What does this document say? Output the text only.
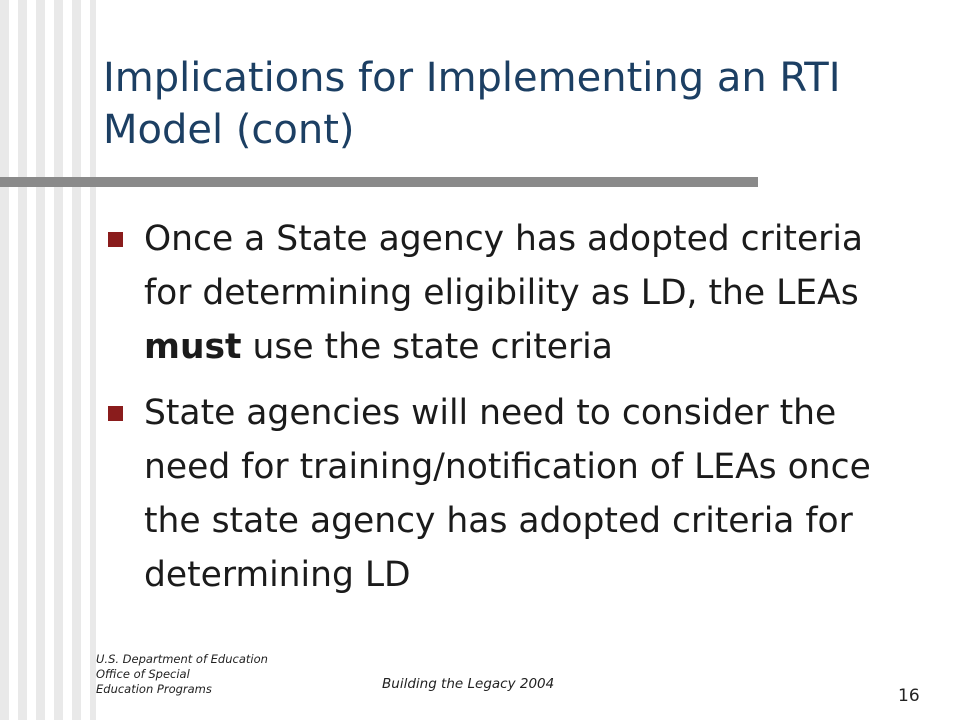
Implications for Implementing an RTI Model (cont)
Once a State agency has adopted criteria for determining eligibility as LD, the LEAs must use the state criteria
State agencies will need to consider the need for training/notification of LEAs once the state agency has adopted criteria for determining LD
U.S. Department of Education
Office of Special
Education Programs	Building the Legacy 2004
16
